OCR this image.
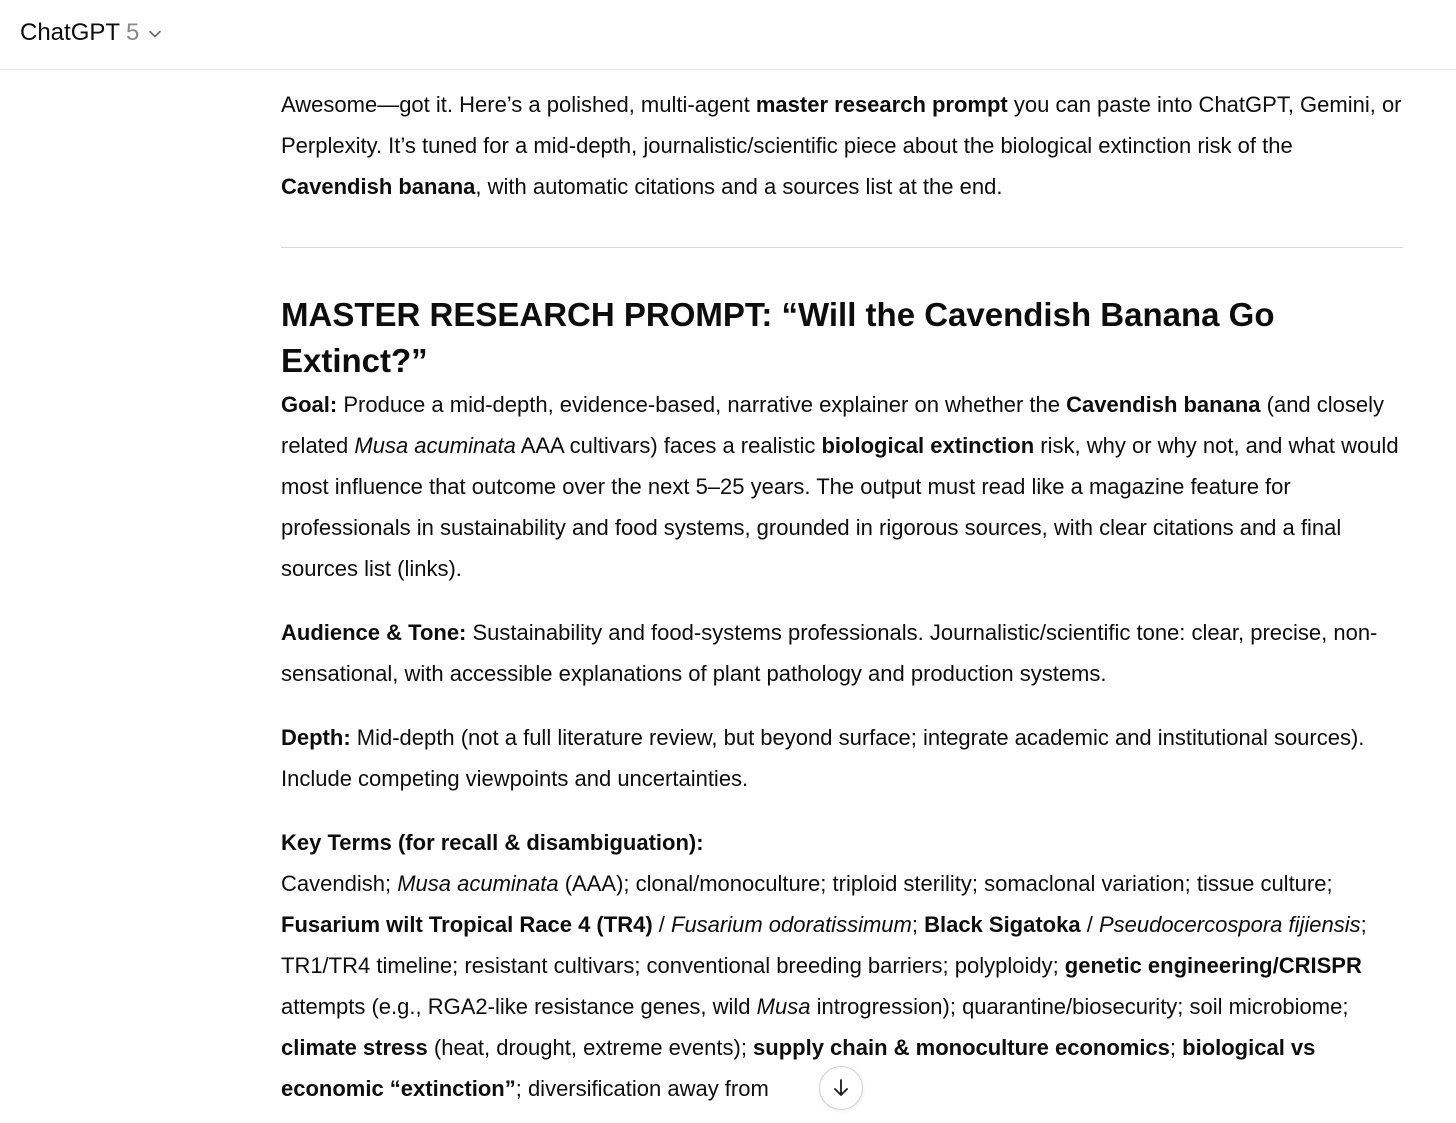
ChatGPT 5

Awesome—got it. Here’s a polished, multi-agent master research prompt you can paste into ChatGPT, Gemini, or Perplexity. It’s tuned for a mid-depth, journalistic/scientific piece about the biological extinction risk of the Cavendish banana, with automatic citations and a sources list at the end.

MASTER RESEARCH PROMPT: “Will the Cavendish Banana Go Extinct?”

Goal: Produce a mid-depth, evidence-based, narrative explainer on whether the Cavendish banana (and closely related Musa acuminata AAA cultivars) faces a realistic biological extinction risk, why or why not, and what would most influence that outcome over the next 5–25 years. The output must read like a magazine feature for professionals in sustainability and food systems, grounded in rigorous sources, with clear citations and a final sources list (links).

Audience & Tone: Sustainability and food-systems professionals. Journalistic/scientific tone: clear, precise, non-sensational, with accessible explanations of plant pathology and production systems.

Depth: Mid-depth (not a full literature review, but beyond surface; integrate academic and institutional sources). Include competing viewpoints and uncertainties.

Key Terms (for recall & disambiguation):
Cavendish; Musa acuminata (AAA); clonal/monoculture; triploid sterility; somaclonal variation; tissue culture; Fusarium wilt Tropical Race 4 (TR4) / Fusarium odoratissimum; Black Sigatoka / Pseudocercospora fijiensis; TR1/TR4 timeline; resistant cultivars; conventional breeding barriers; polyploidy; genetic engineering/CRISPR attempts (e.g., RGA2-like resistance genes, wild Musa introgression); quarantine/biosecurity; soil microbiome; climate stress (heat, drought, extreme events); supply chain & monoculture economics; biological vs economic “extinction”; diversification away from
